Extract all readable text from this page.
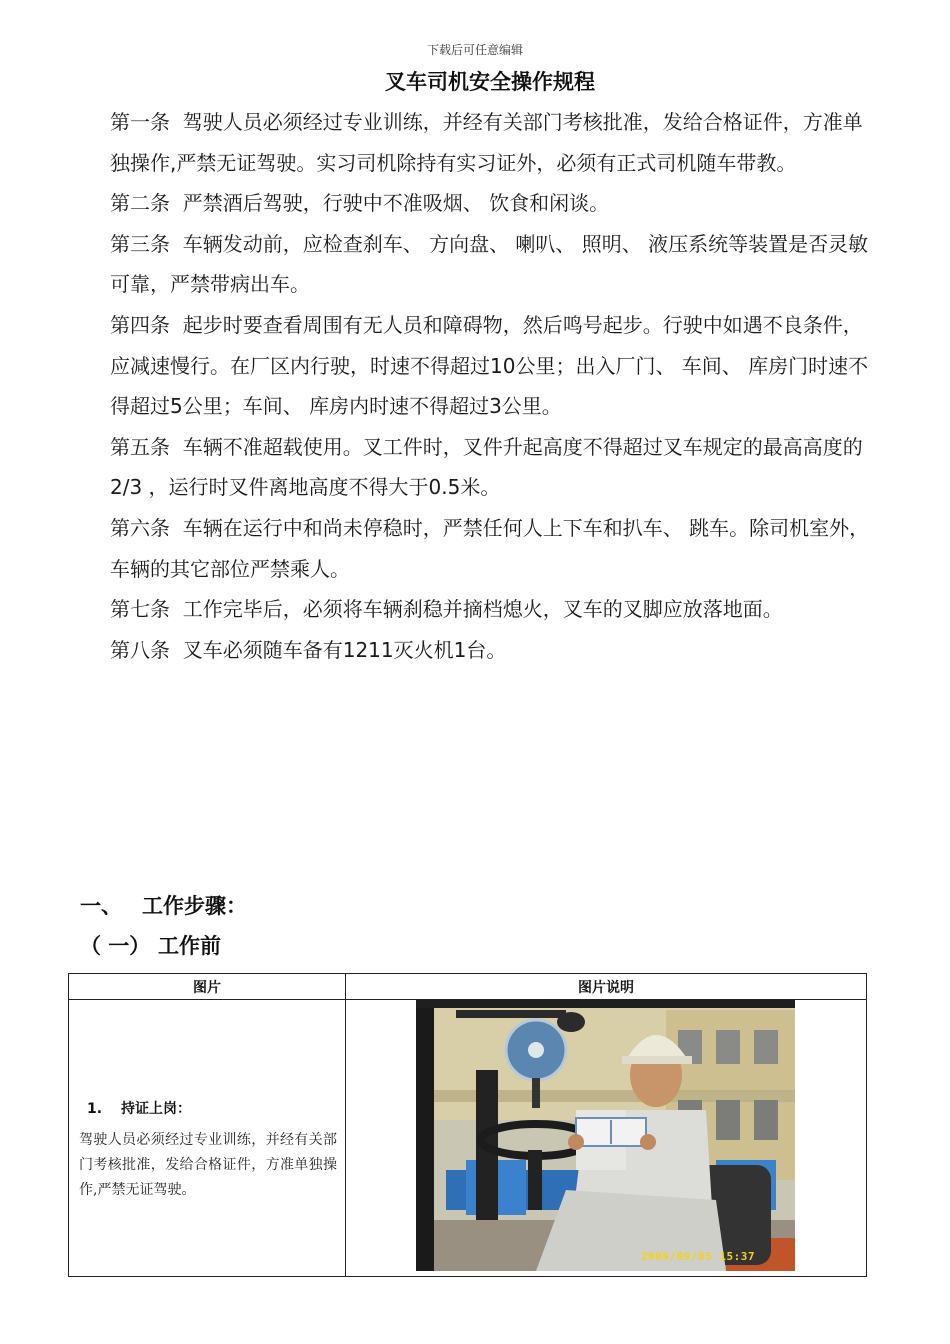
下载后可任意编辑
叉车司机安全操作规程

第一条  驾驶人员必须经过专业训练，并经有关部门考核批准，发给合格证件，方准单独操作,严禁无证驾驶。实习司机除持有实习证外，必须有正式司机随车带教。

第二条  严禁酒后驾驶，行驶中不准吸烟、 饮食和闲谈。

第三条  车辆发动前，应检查刹车、 方向盘、 喇叭、 照明、 液压系统等装置是否灵敏可靠，严禁带病出车。

第四条  起步时要查看周围有无人员和障碍物，然后鸣号起步。行驶中如遇不良条件，应减速慢行。在厂区内行驶，时速不得超过10公里；出入厂门、 车间、 库房门时速不得超过5公里；车间、 库房内时速不得超过3公里。

第五条  车辆不准超载使用。叉工件时，叉件升起高度不得超过叉车规定的最高高度的2/3 ，运行时叉件离地高度不得大于0.5米。

第六条  车辆在运行中和尚未停稳时，严禁任何人上下车和扒车、 跳车。除司机室外，车辆的其它部位严禁乘人。

第七条  工作完毕后，必须将车辆刹稳并摘档熄火，叉车的叉脚应放落地面。

第八条  叉车必须随车备有1211灭火机1台。

一、 工作步骤：
（ 一） 工作前
图片	图片说明

1. 持证上岗：
驾驶人员必须经过专业训练，并经有关部门考核批准，发给合格证件，方准单独操作,严禁无证驾驶。	2009/09/05 15:37
